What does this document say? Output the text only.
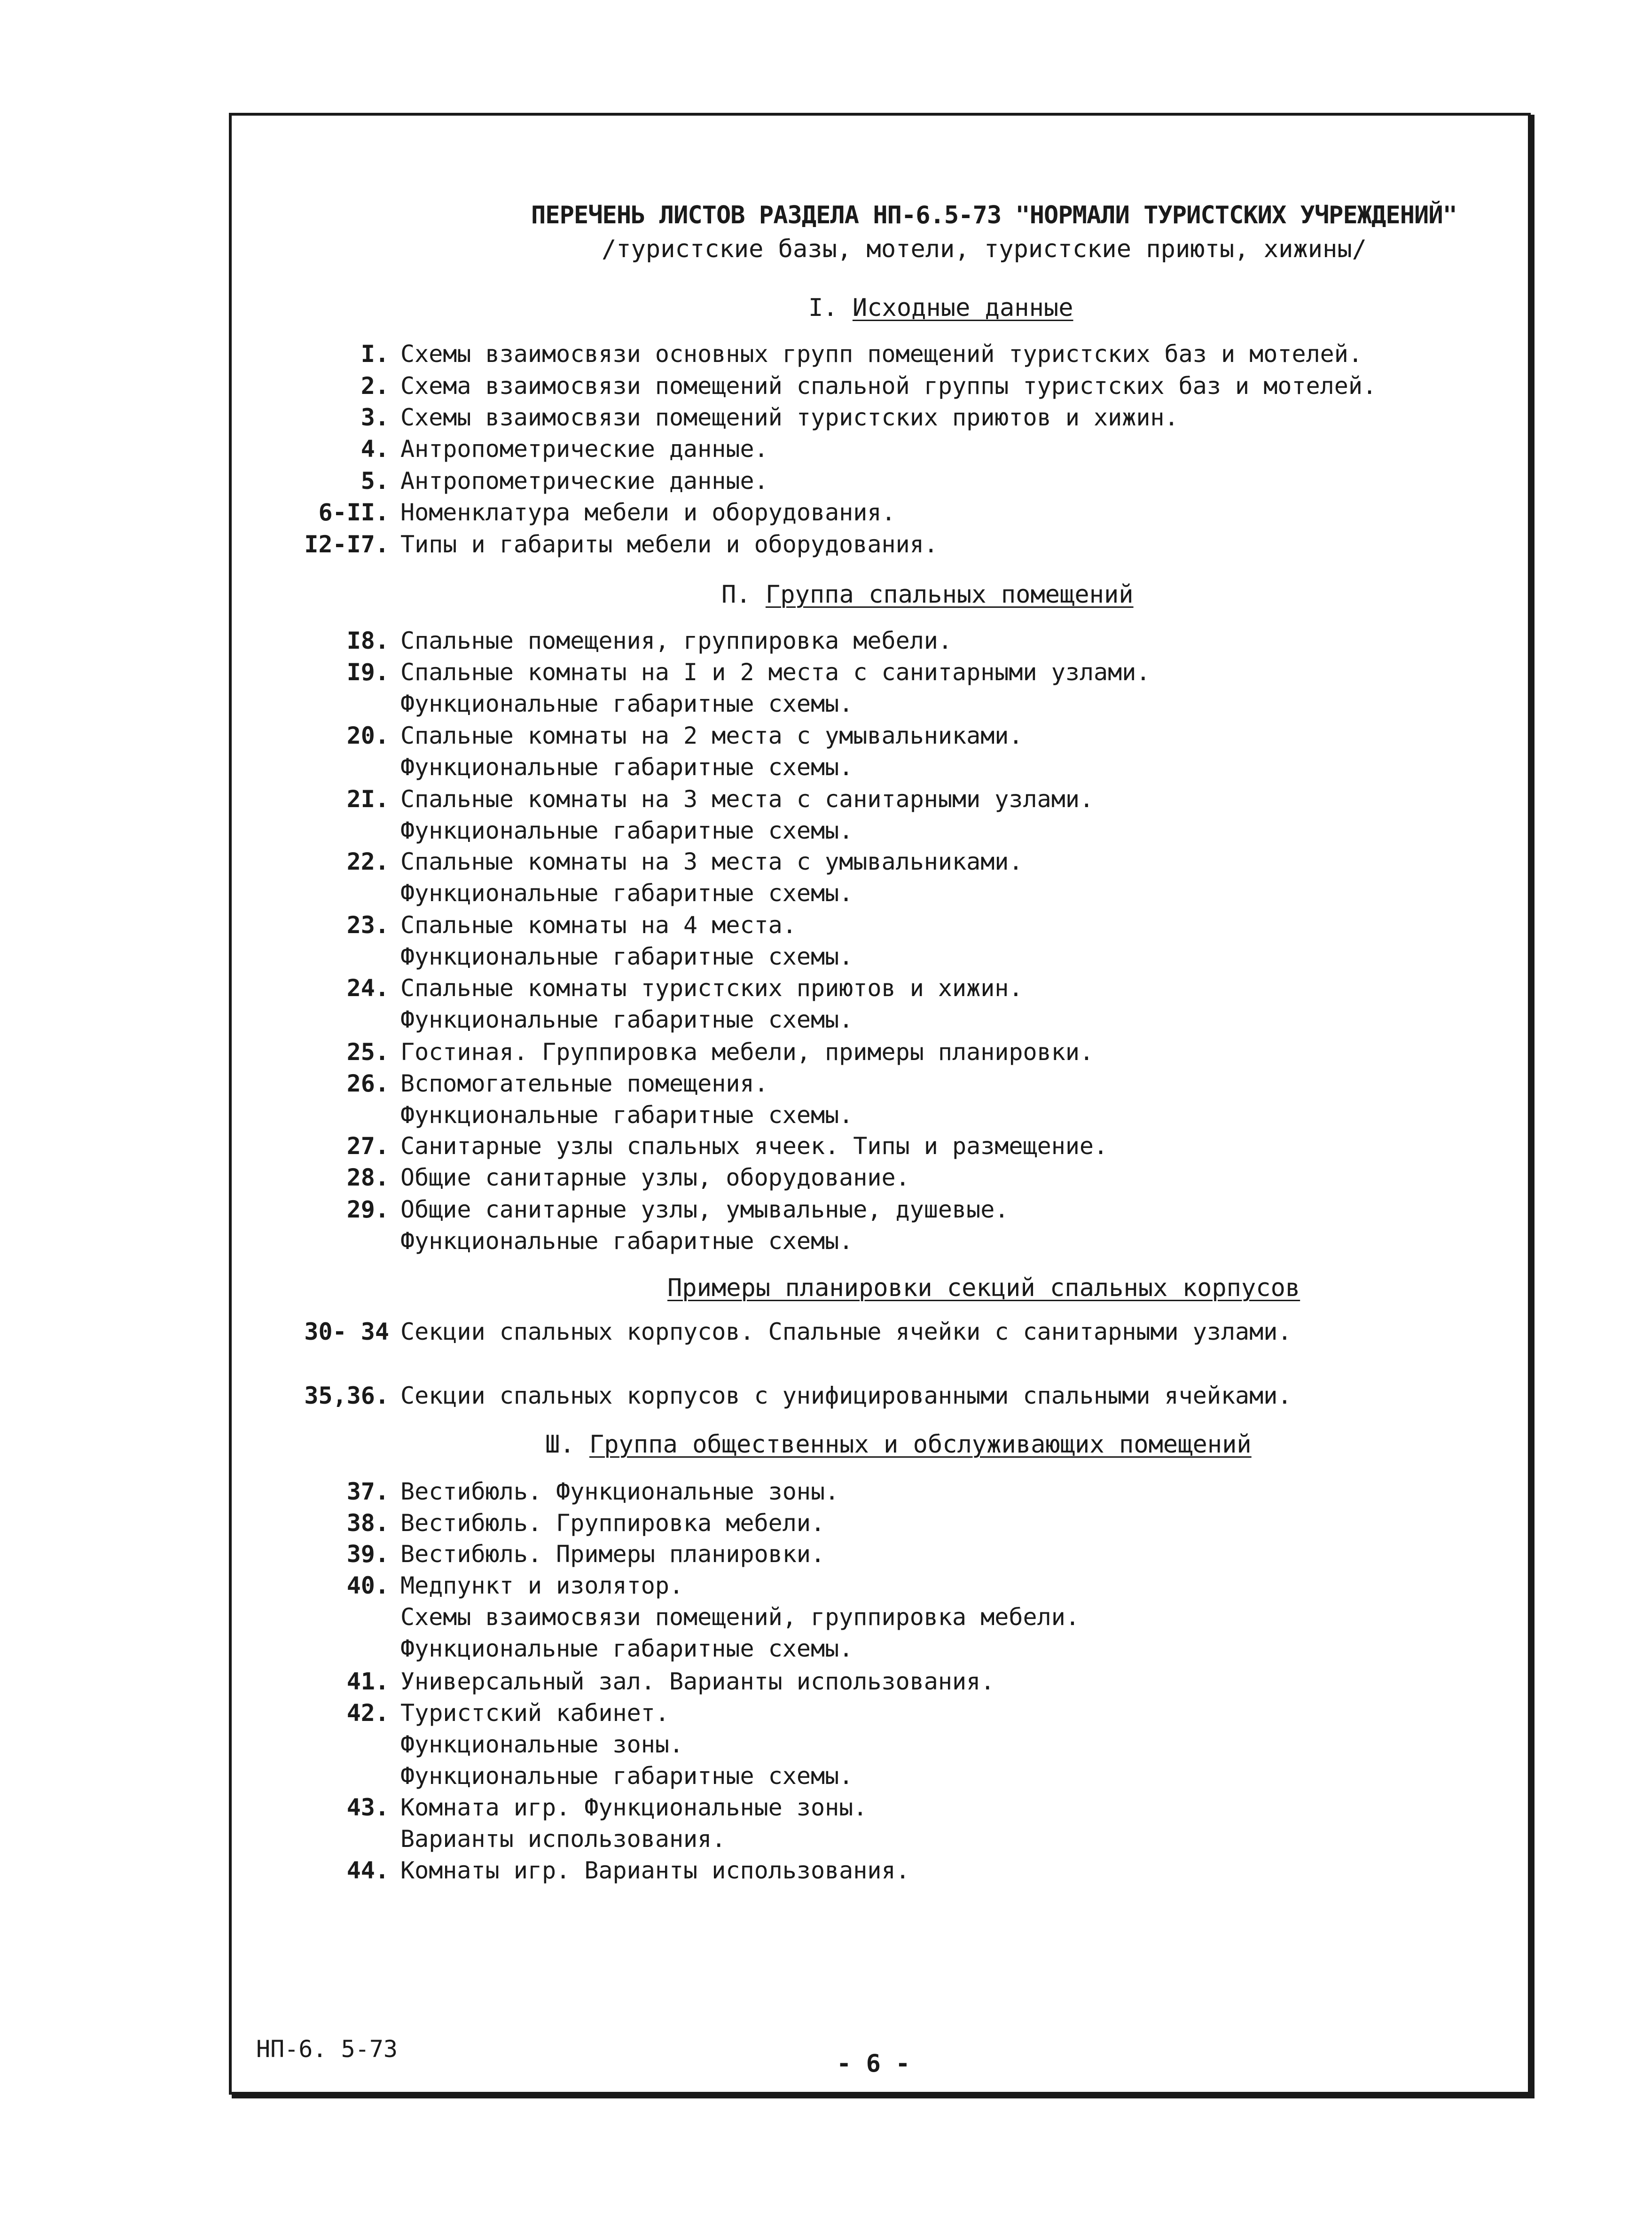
ПЕРЕЧЕНЬ ЛИСТОВ РАЗДЕЛА НП-6.5-73 "НОРМАЛИ ТУРИСТСКИХ УЧРЕЖДЕНИЙ"
/туристские базы, мотели, туристские приюты, хижины/
I. Исходные данные
I. Схемы взаимосвязи основных групп помещений туристских баз и мотелей.
2. Схема взаимосвязи помещений спальной группы туристских баз и мотелей.
3. Схемы взаимосвязи помещений туристских приютов и хижин.
4. Антропометрические данные.
5. Антропометрические данные.
6-II. Номенклатура мебели и оборудования.
I2-I7. Типы и габариты мебели и оборудования.
П. Группа спальных помещений
I8. Спальные помещения, группировка мебели.
I9. Спальные комнаты на I и 2 места с санитарными узлами.
Функциональные габаритные схемы.
20. Спальные комнаты на 2 места с умывальниками.
Функциональные габаритные схемы.
2I. Спальные комнаты на 3 места с санитарными узлами.
Функциональные габаритные схемы.
22. Спальные комнаты на 3 места с умывальниками.
Функциональные габаритные схемы.
23. Спальные комнаты на 4 места.
Функциональные габаритные схемы.
24. Спальные комнаты туристских приютов и хижин.
Функциональные габаритные схемы.
25. Гостиная. Группировка мебели, примеры планировки.
26. Вспомогательные помещения.
Функциональные габаритные схемы.
27. Санитарные узлы спальных ячеек. Типы и размещение.
28. Общие санитарные узлы, оборудование.
29. Общие санитарные узлы, умывальные, душевые.
Функциональные габаритные схемы.
Примеры планировки секций спальных корпусов
30- 34 Секции спальных корпусов. Спальные ячейки с санитарными узлами.
35,36. Секции спальных корпусов с унифицированными спальными ячейками.
Ш. Группа общественных и обслуживающих помещений
37. Вестибюль. Функциональные зоны.
38. Вестибюль. Группировка мебели.
39. Вестибюль. Примеры планировки.
40. Медпункт и изолятор.
Схемы взаимосвязи помещений, группировка мебели.
Функциональные габаритные схемы.
41. Универсальный зал. Варианты использования.
42. Туристский кабинет.
Функциональные зоны.
Функциональные габаритные схемы.
43. Комната игр. Функциональные зоны.
Варианты использования.
44. Комнаты игр. Варианты использования.
НП-6. 5-73
- 6 -
